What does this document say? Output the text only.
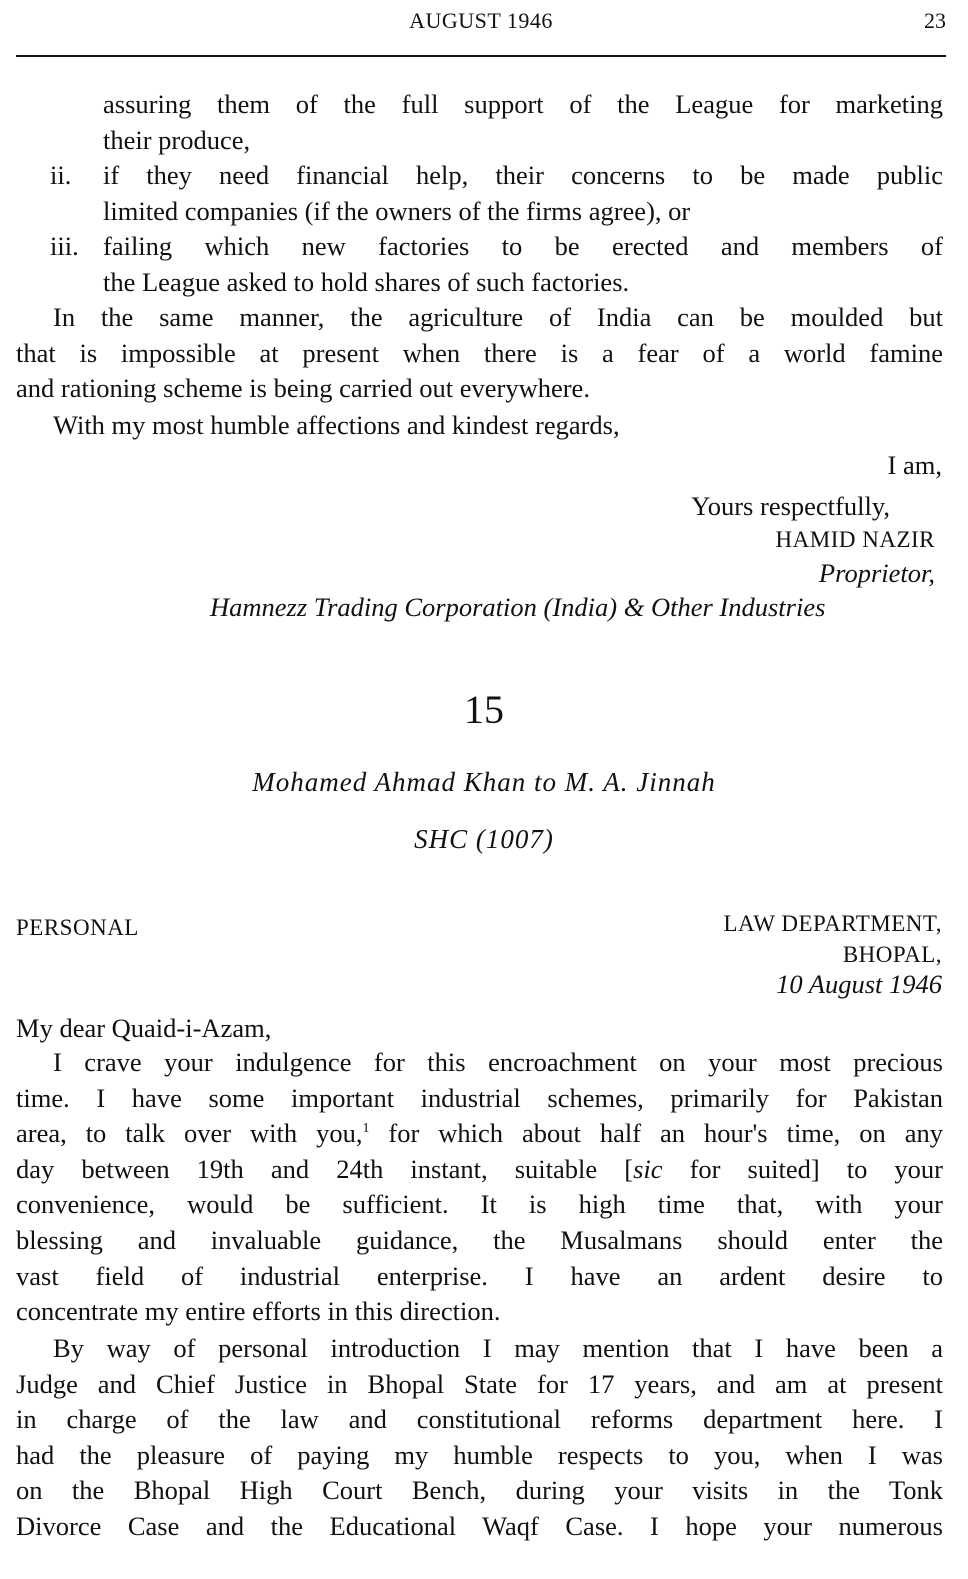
AUGUST 1946	23
assuring them of the full support of the League for marketing
their produce,
ii. if they need financial help, their concerns to be made public
limited companies (if the owners of the firms agree), or
iii. failing which new factories to be erected and members of
the League asked to hold shares of such factories.
In the same manner, the agriculture of India can be moulded but
that is impossible at present when there is a fear of a world famine
and rationing scheme is being carried out everywhere.
With my most humble affections and kindest regards,
I am,
Yours respectfully,
HAMID NAZIR
Proprietor,
Hamnezz Trading Corporation (India) & Other Industries
15
Mohamed Ahmad Khan to M. A. Jinnah
SHC (1007)
PERSONAL	LAW DEPARTMENT,
BHOPAL,
10 August 1946
My dear Quaid-i-Azam,
I crave your indulgence for this encroachment on your most precious
time. I have some important industrial schemes, primarily for Pakistan
area, to talk over with you,$^1$ for which about half an hour's time, on any
day between 19th and 24th instant, suitable [sic for suited] to your
convenience, would be sufficient. It is high time that, with your
blessing and invaluable guidance, the Musalmans should enter the
vast field of industrial enterprise. I have an ardent desire to
concentrate my entire efforts in this direction.
By way of personal introduction I may mention that I have been a
Judge and Chief Justice in Bhopal State for 17 years, and am at present
in charge of the law and constitutional reforms department here. I
had the pleasure of paying my humble respects to you, when I was
on the Bhopal High Court Bench, during your visits in the Tonk
Divorce Case and the Educational Waqf Case. I hope your numerous
